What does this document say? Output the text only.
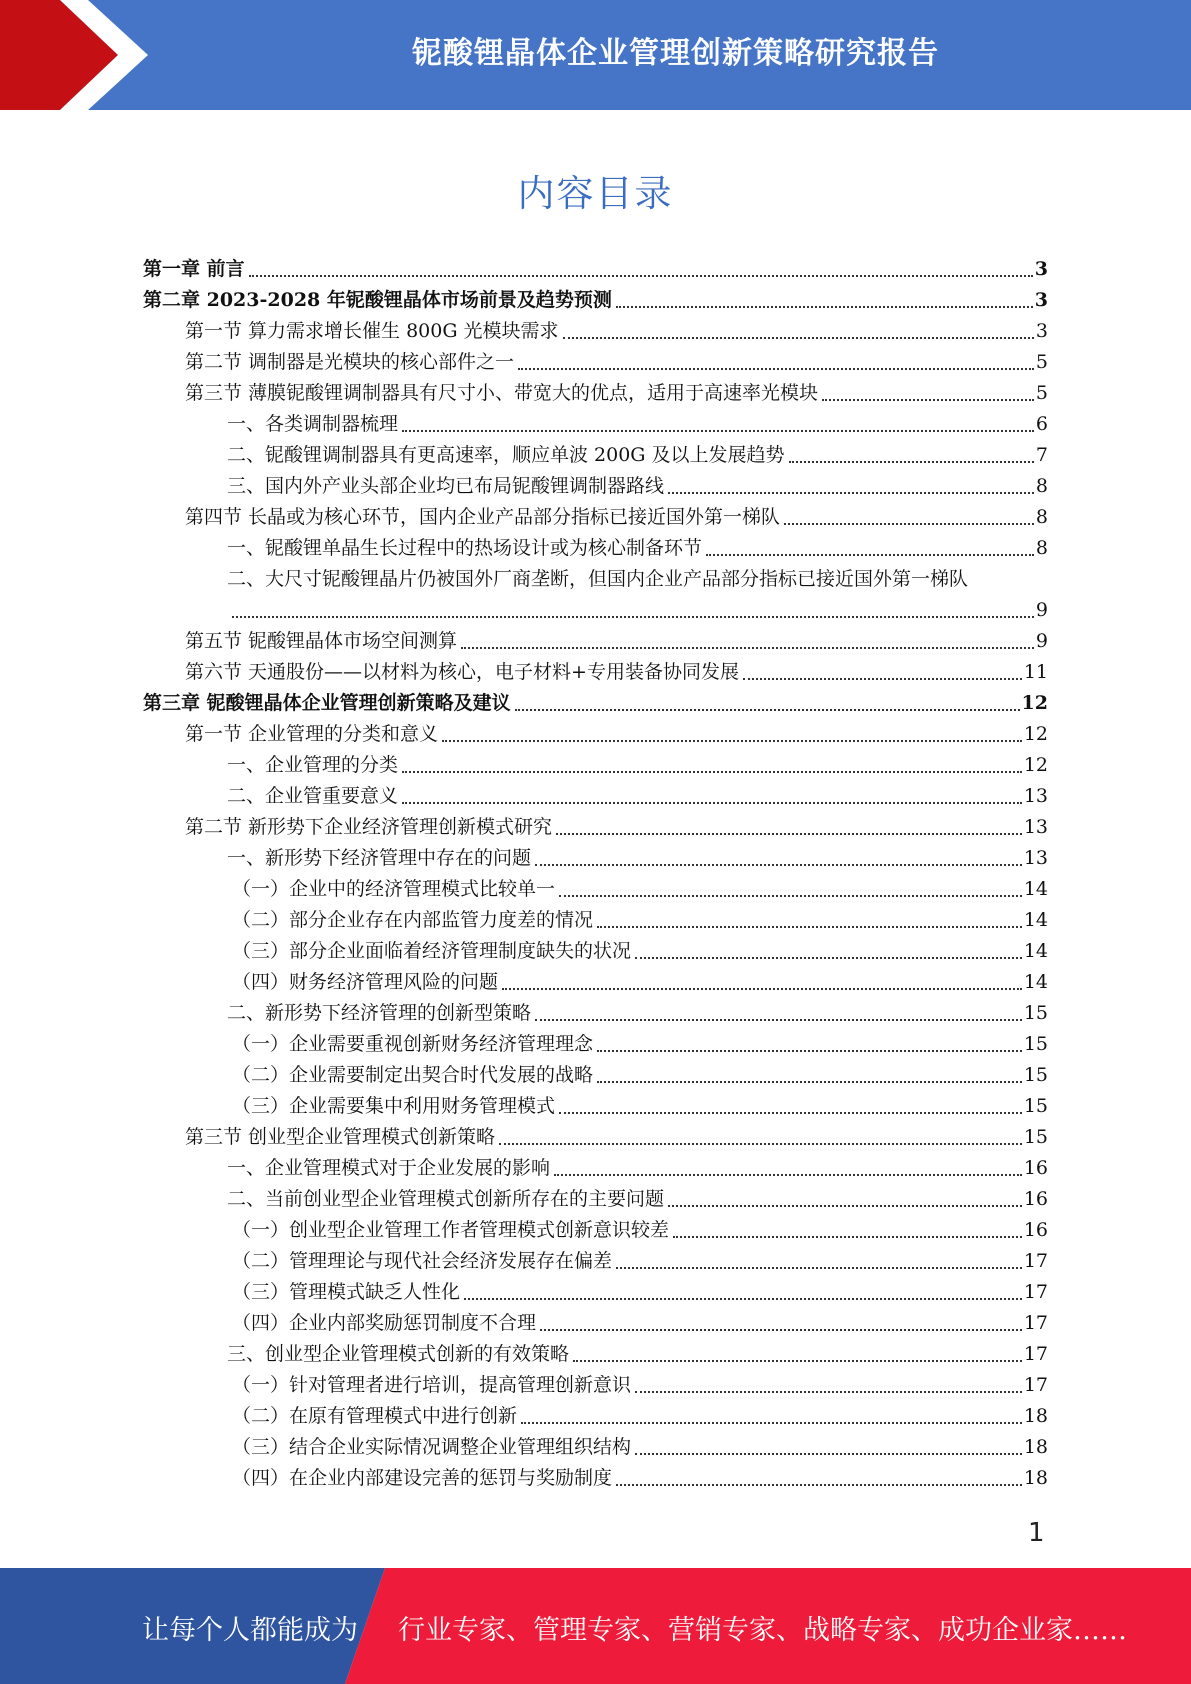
铌酸锂晶体企业管理创新策略研究报告
内容目录
第一章 前言	3
第二章 2023-2028 年铌酸锂晶体市场前景及趋势预测	3
第一节 算力需求增长催生 800G 光模块需求	3
第二节 调制器是光模块的核心部件之一	5
第三节 薄膜铌酸锂调制器具有尺寸小、带宽大的优点，适用于高速率光模块	5
一、各类调制器梳理	6
二、铌酸锂调制器具有更高速率，顺应单波 200G 及以上发展趋势	7
三、国内外产业头部企业均已布局铌酸锂调制器路线	8
第四节 长晶或为核心环节，国内企业产品部分指标已接近国外第一梯队	8
一、铌酸锂单晶生长过程中的热场设计或为核心制备环节	8
二、大尺寸铌酸锂晶片仍被国外厂商垄断，但国内企业产品部分指标已接近国外第一梯队
9
第五节 铌酸锂晶体市场空间测算	9
第六节 天通股份——以材料为核心，电子材料+专用装备协同发展	11
第三章 铌酸锂晶体企业管理创新策略及建议	12
第一节 企业管理的分类和意义	12
一、企业管理的分类	12
二、企业管重要意义	13
第二节 新形势下企业经济管理创新模式研究	13
一、新形势下经济管理中存在的问题	13
（一）企业中的经济管理模式比较单一	14
（二）部分企业存在内部监管力度差的情况	14
（三）部分企业面临着经济管理制度缺失的状况	14
（四）财务经济管理风险的问题	14
二、新形势下经济管理的创新型策略	15
（一）企业需要重视创新财务经济管理理念	15
（二）企业需要制定出契合时代发展的战略	15
（三）企业需要集中利用财务管理模式	15
第三节 创业型企业管理模式创新策略	15
一、企业管理模式对于企业发展的影响	16
二、当前创业型企业管理模式创新所存在的主要问题	16
（一）创业型企业管理工作者管理模式创新意识较差	16
（二）管理理论与现代社会经济发展存在偏差	17
（三）管理模式缺乏人性化	17
（四）企业内部奖励惩罚制度不合理	17
三、创业型企业管理模式创新的有效策略	17
（一）针对管理者进行培训，提高管理创新意识	17
（二）在原有管理模式中进行创新	18
（三）结合企业实际情况调整企业管理组织结构	18
（四）在企业内部建设完善的惩罚与奖励制度	18
1
让每个人都能成为 行业专家、管理专家、营销专家、战略专家、成功企业家……
